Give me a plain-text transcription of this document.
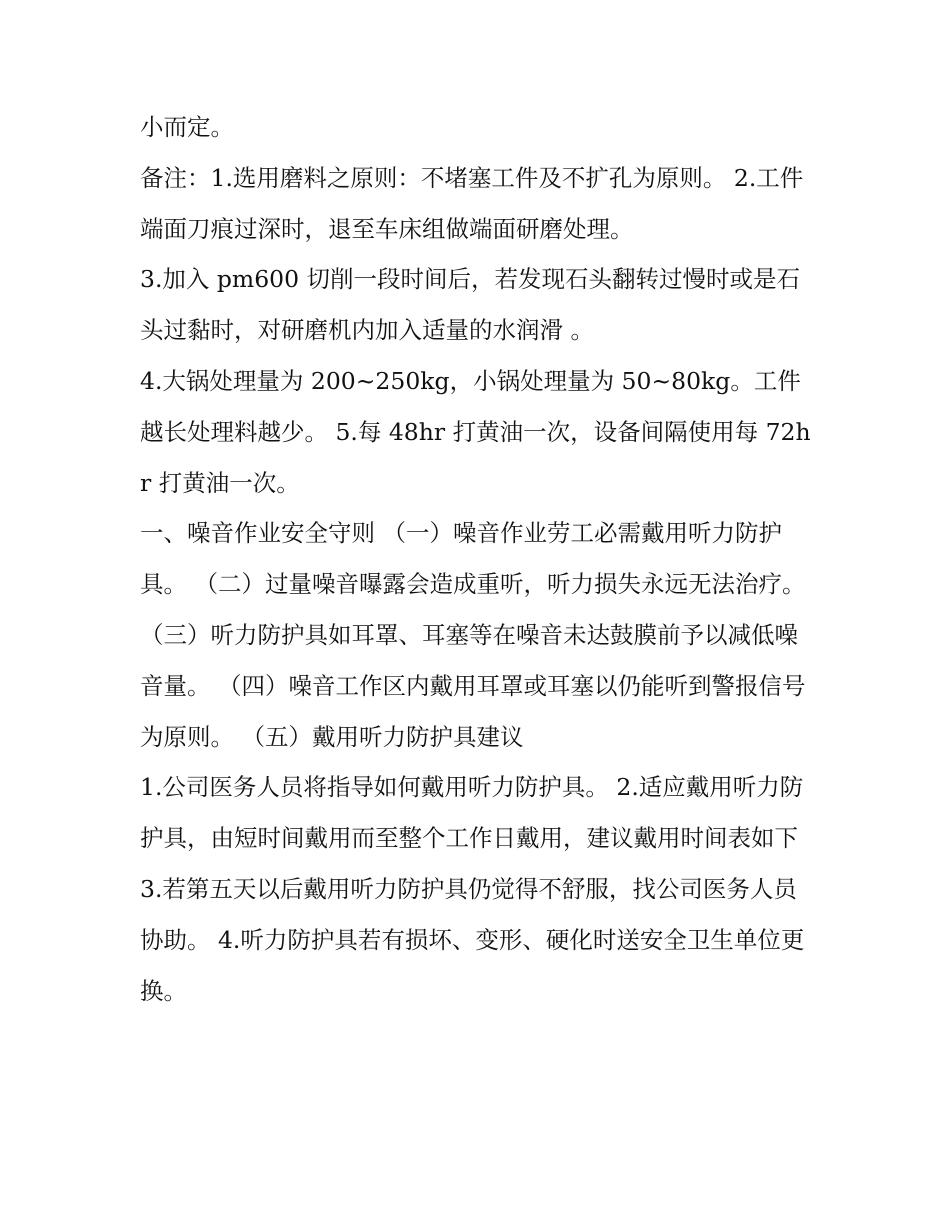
小而定。

备注：1.选用磨料之原则：不堵塞工件及不扩孔为原则。 2.工件端面刀痕过深时，退至车床组做端面研磨处理。

3.加入 pm600 切削一段时间后，若发现石头翻转过慢时或是石头过黏时，对研磨机内加入适量的水润滑 。

4.大锅处理量为 200~250kg，小锅处理量为 50~80kg。工件越长处理料越少。 5.每 48hr 打黄油一次，设备间隔使用每 72hr 打黄油一次。

一、噪音作业安全守则 （一）噪音作业劳工必需戴用听力防护具。 （二）过量噪音曝露会造成重听，听力损失永远无法治疗。

（三）听力防护具如耳罩、耳塞等在噪音未达鼓膜前予以减低噪音量。 （四）噪音工作区内戴用耳罩或耳塞以仍能听到警报信号为原则。 （五）戴用听力防护具建议

1.公司医务人员将指导如何戴用听力防护具。 2.适应戴用听力防护具，由短时间戴用而至整个工作日戴用，建议戴用时间表如下

3.若第五天以后戴用听力防护具仍觉得不舒服，找公司医务人员协助。 4.听力防护具若有损坏、变形、硬化时送安全卫生单位更换。
